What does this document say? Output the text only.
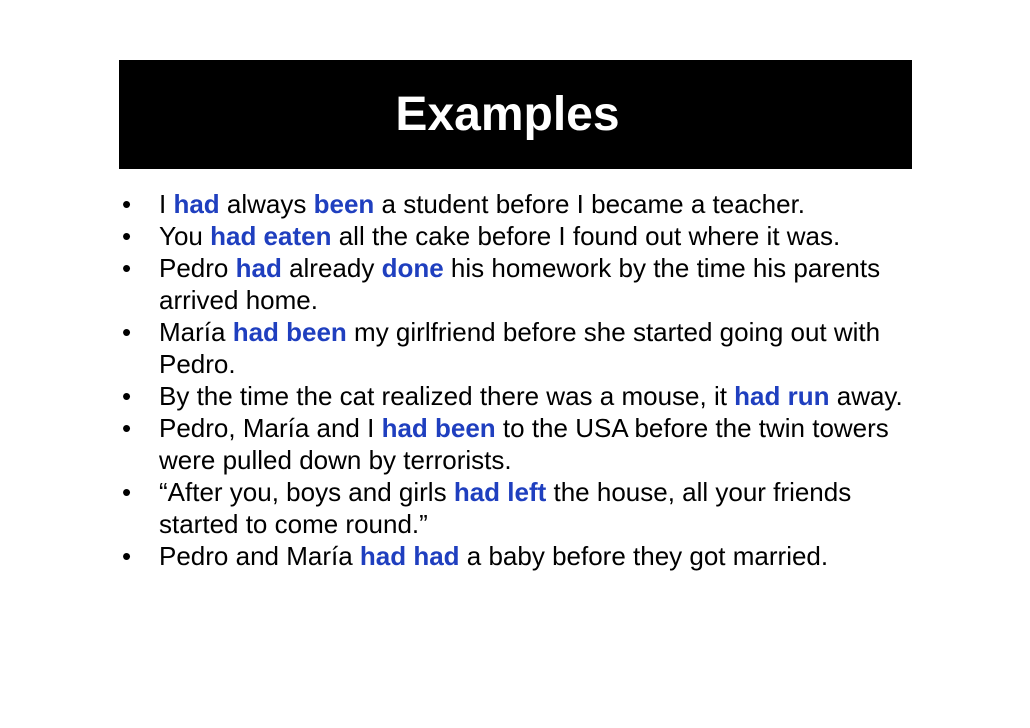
Examples
•	I had always been a student before I became a teacher.
•	You had eaten all the cake before I found out where it was.
•	Pedro had already done his homework by the time his parents arrived home.
•	María had been my girlfriend before she started going out with Pedro.
•	By the time the cat realized there was a mouse, it had run away.
•	Pedro, María and I had been to the USA before the twin towers were pulled down by terrorists.
•	“After you, boys and girls had left the house, all your friends started to come round.”
•	Pedro and María had had a baby before they got married.
